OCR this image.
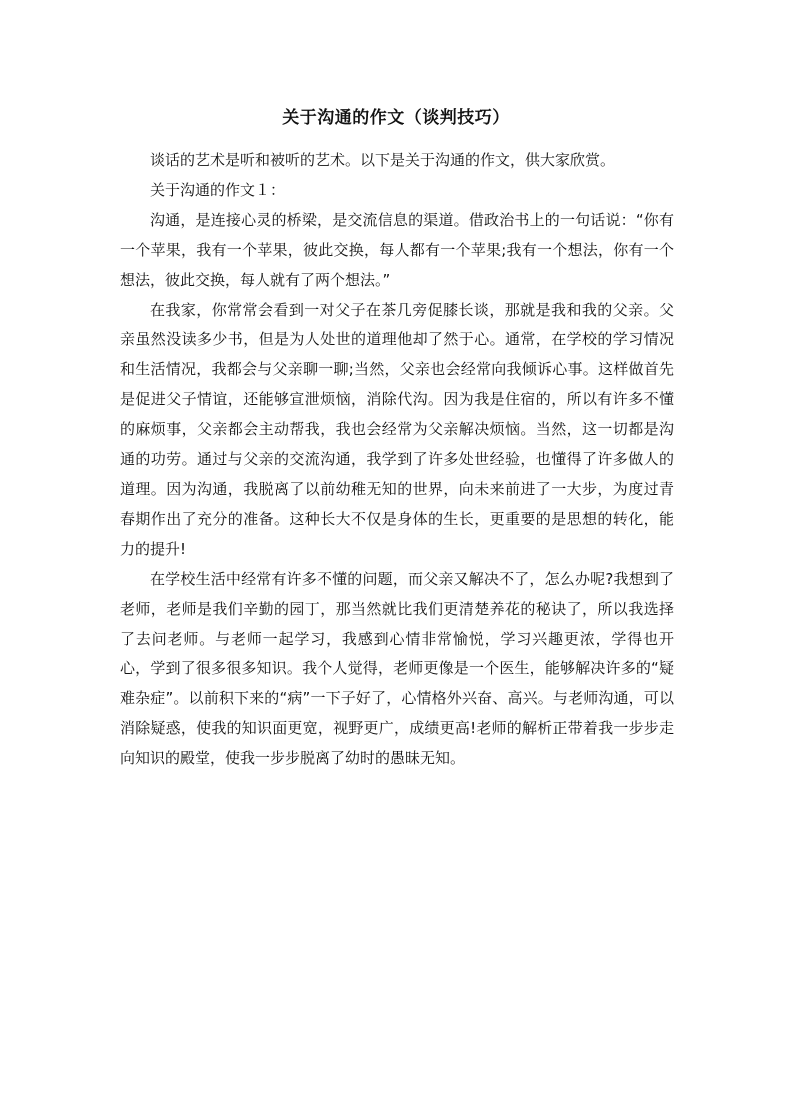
关于沟通的作文（谈判技巧）

谈话的艺术是听和被听的艺术。以下是关于沟通的作文，供大家欣赏。

关于沟通的作文１：

沟通，是连接心灵的桥梁，是交流信息的渠道。借政治书上的一句话说：“你有一个苹果，我有一个苹果，彼此交换，每人都有一个苹果;我有一个想法，你有一个想法，彼此交换，每人就有了两个想法。”

在我家，你常常会看到一对父子在茶几旁促膝长谈，那就是我和我的父亲。父亲虽然没读多少书，但是为人处世的道理他却了然于心。通常，在学校的学习情况和生活情况，我都会与父亲聊一聊;当然，父亲也会经常向我倾诉心事。这样做首先是促进父子情谊，还能够宣泄烦恼，消除代沟。因为我是住宿的，所以有许多不懂的麻烦事，父亲都会主动帮我，我也会经常为父亲解决烦恼。当然，这一切都是沟通的功劳。通过与父亲的交流沟通，我学到了许多处世经验，也懂得了许多做人的道理。因为沟通，我脱离了以前幼稚无知的世界，向未来前进了一大步，为度过青春期作出了充分的准备。这种长大不仅是身体的生长，更重要的是思想的转化，能力的提升!

在学校生活中经常有许多不懂的问题，而父亲又解决不了，怎么办呢?我想到了老师，老师是我们辛勤的园丁，那当然就比我们更清楚养花的秘诀了，所以我选择了去问老师。与老师一起学习，我感到心情非常愉悦，学习兴趣更浓，学得也开心，学到了很多很多知识。我个人觉得，老师更像是一个医生，能够解决许多的“疑难杂症”。以前积下来的“病”一下子好了，心情格外兴奋、高兴。与老师沟通，可以消除疑惑，使我的知识面更宽，视野更广，成绩更高!老师的解析正带着我一步步走向知识的殿堂，使我一步步脱离了幼时的愚昧无知。
